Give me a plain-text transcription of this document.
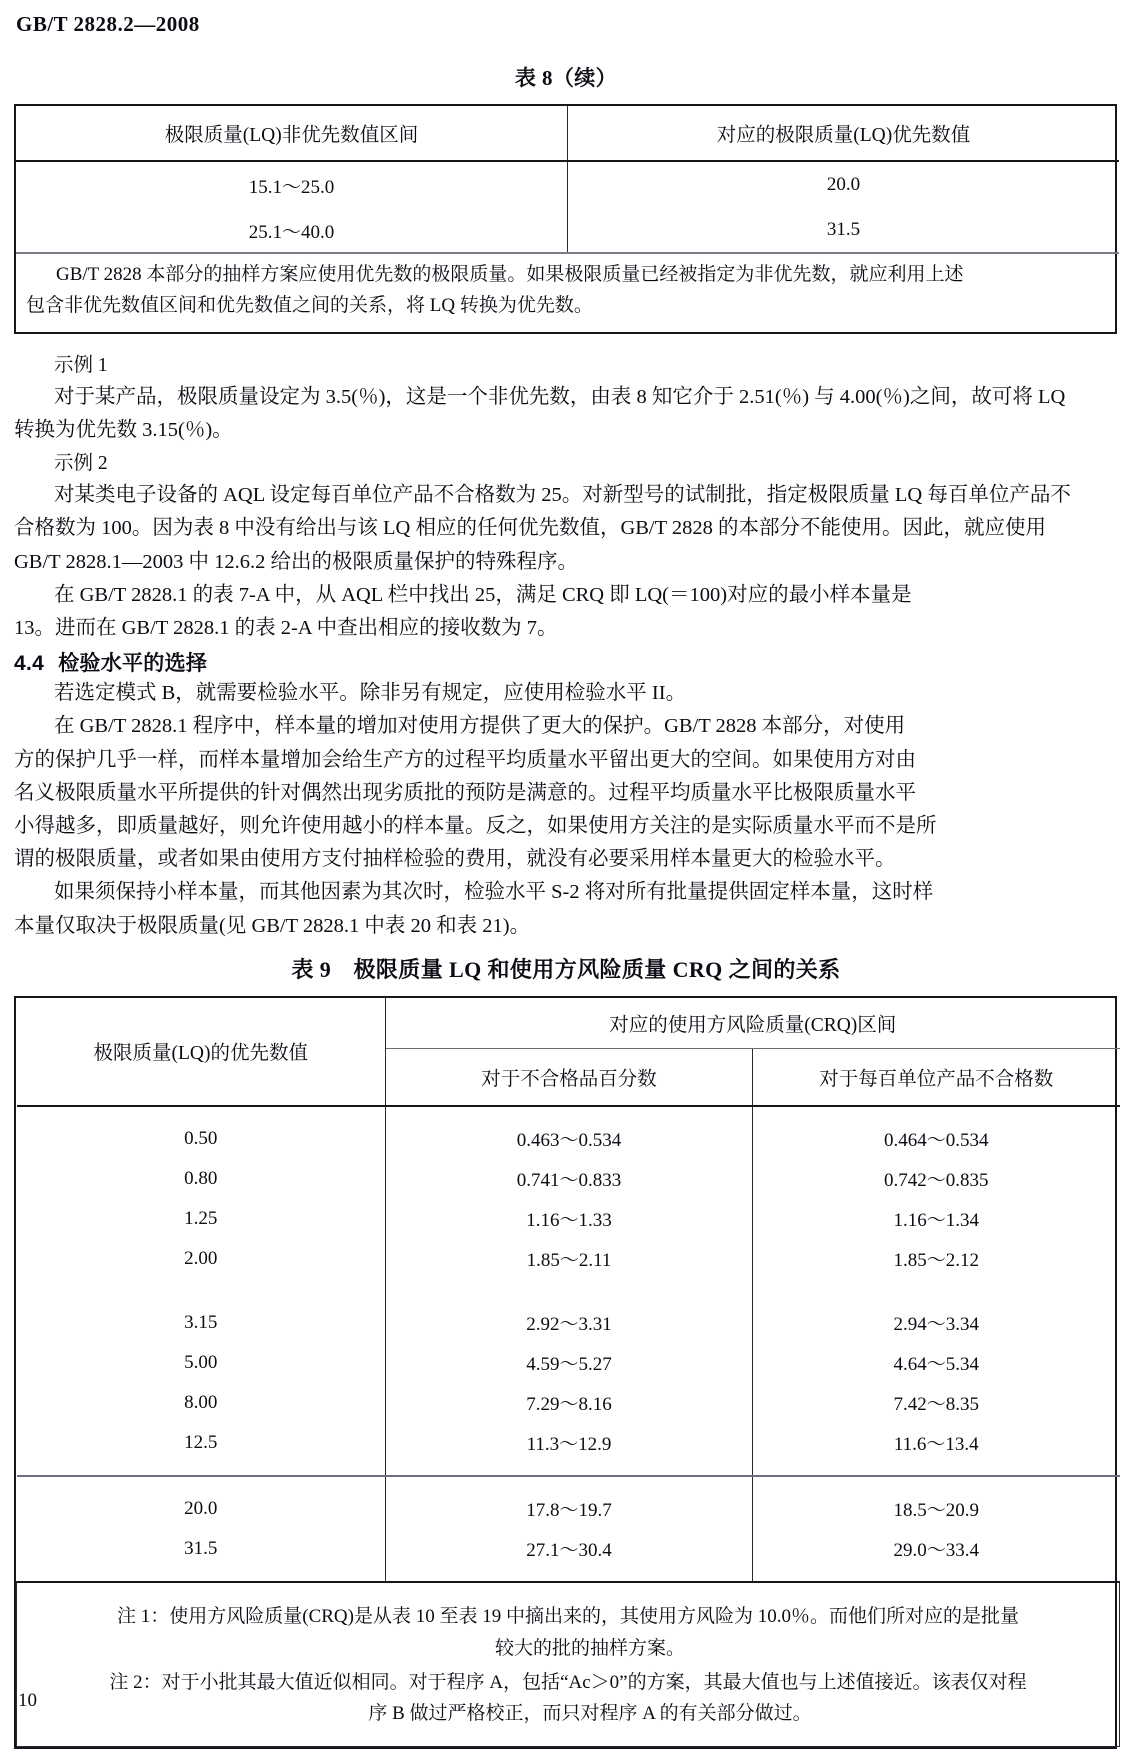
GB/T 2828.2—2008
表 8（续）
极限质量(LQ)非优先数值区间	对应的极限质量(LQ)优先数值
15.1～25.0	20.0
25.1～40.0	31.5
GB/T 2828 本部分的抽样方案应使用优先数的极限质量。如果极限质量已经被指定为非优先数，就应利用上述
包含非优先数值区间和优先数值之间的关系，将 LQ 转换为优先数。

示例 1

对于某产品，极限质量设定为 3.5(％)，这是一个非优先数，由表 8 知它介于 2.51(％) 与 4.00(％)之间，故可将 LQ
转换为优先数 3.15(％)。

示例 2

对某类电子设备的 AQL 设定每百单位产品不合格数为 25。对新型号的试制批，指定极限质量 LQ 每百单位产品不
合格数为 100。因为表 8 中没有给出与该 LQ 相应的任何优先数值，GB/T 2828 的本部分不能使用。因此，就应使用
GB/T 2828.1—2003 中 12.6.2 给出的极限质量保护的特殊程序。

在 GB/T 2828.1 的表 7-A 中，从 AQL 栏中找出 25，满足 CRQ 即 LQ(＝100)对应的最小样本量是
13。进而在 GB/T 2828.1 的表 2-A 中查出相应的接收数为 7。

4.4 检验水平的选择

若选定模式 B，就需要检验水平。除非另有规定，应使用检验水平 II。

在 GB/T 2828.1 程序中，样本量的增加对使用方提供了更大的保护。GB/T 2828 本部分，对使用
方的保护几乎一样，而样本量增加会给生产方的过程平均质量水平留出更大的空间。如果使用方对由
名义极限质量水平所提供的针对偶然出现劣质批的预防是满意的。过程平均质量水平比极限质量水平
小得越多，即质量越好，则允许使用越小的样本量。反之，如果使用方关注的是实际质量水平而不是所
谓的极限质量，或者如果由使用方支付抽样检验的费用，就没有必要采用样本量更大的检验水平。

如果须保持小样本量，而其他因素为其次时，检验水平 S‐2 将对所有批量提供固定样本量，这时样
本量仅取决于极限质量(见 GB/T 2828.1 中表 20 和表 21)。

表 9　极限质量 LQ 和使用方风险质量 CRQ 之间的关系
极限质量(LQ)的优先数值	对应的使用方风险质量(CRQ)区间	
	对于不合格品百分数	对于每百单位产品不合格数

0.50	0.463～0.534	0.464～0.534
0.80	0.741～0.833	0.742～0.835
1.25	1.16～1.33	1.16～1.34
2.00	1.85～2.11	1.85～2.12

3.15	2.92～3.31	2.94～3.34
5.00	4.59～5.27	4.64～5.34
8.00	7.29～8.16	7.42～8.35
12.5	11.3～12.9	11.6～13.4

20.0	17.8～19.7	18.5～20.9
31.5	27.1～30.4	29.0～33.4

注 1：使用方风险质量(CRQ)是从表 10 至表 19 中摘出来的，其使用方风险为 10.0％。而他们所对应的是批量
较大的批的抽样方案。
注 2：对于小批其最大值近似相同。对于程序 A，包括“Ac＞0”的方案，其最大值也与上述值接近。该表仅对程
序 B 做过严格校正，而只对程序 A 的有关部分做过。		
10
